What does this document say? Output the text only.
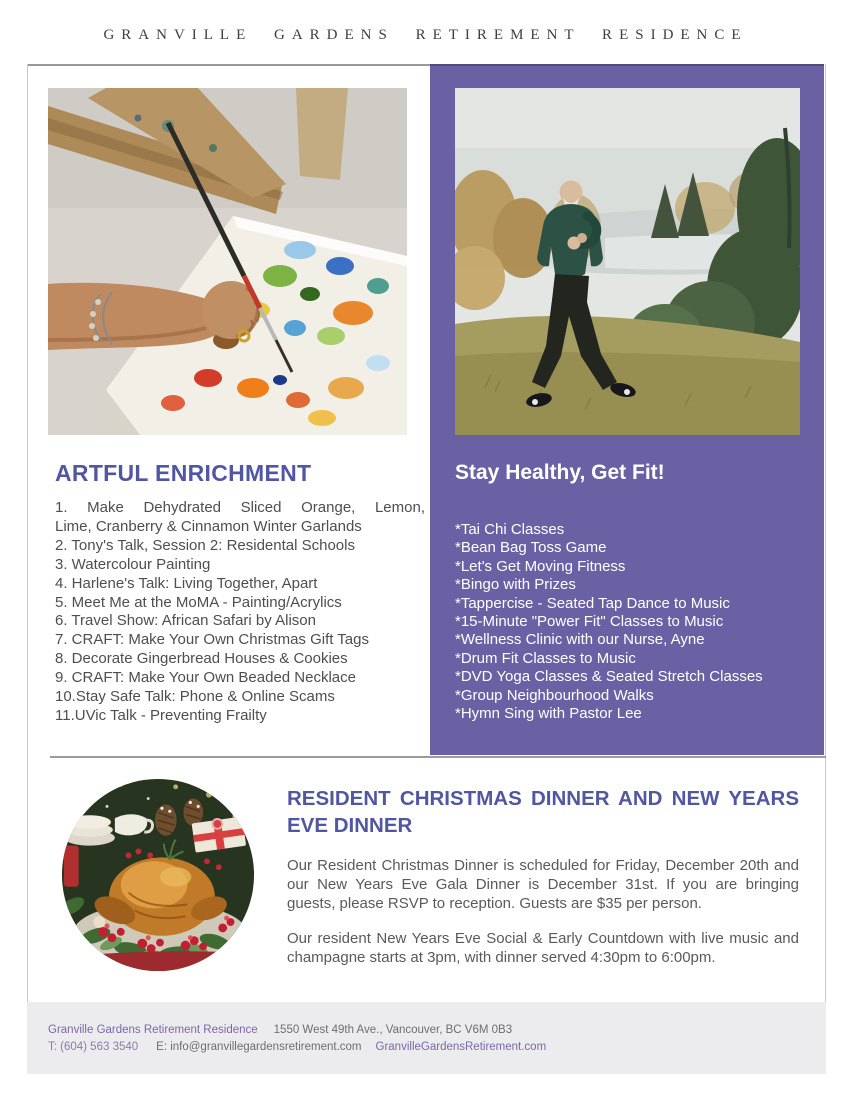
GRANVILLE GARDENS RETIREMENT RESIDENCE
ARTFUL ENRICHMENT
1. Make Dehydrated Sliced Orange, Lemon,
Lime, Cranberry & Cinnamon Winter Garlands
2. Tony's Talk, Session 2: Residental Schools
3. Watercolour Painting
4. Harlene's Talk: Living Together, Apart
5. Meet Me at the MoMA - Painting/Acrylics
6. Travel Show: African Safari by Alison
7. CRAFT: Make Your Own Christmas Gift Tags
8. Decorate Gingerbread Houses & Cookies
9. CRAFT: Make Your Own Beaded Necklace
10.Stay Safe Talk: Phone & Online Scams
11.UVic Talk - Preventing Frailty
Stay Healthy, Get Fit!
*Tai Chi Classes
*Bean Bag Toss Game
*Let's Get Moving Fitness
*Bingo with Prizes
*Tappercise - Seated Tap Dance to Music
*15-Minute "Power Fit" Classes to Music
*Wellness Clinic with our Nurse, Ayne
*Drum Fit Classes to Music
*DVD Yoga Classes & Seated Stretch Classes
*Group Neighbourhood Walks
*Hymn Sing with Pastor Lee
RESIDENT CHRISTMAS DINNER AND NEW YEARS
EVE DINNER
Our Resident Christmas Dinner is scheduled for Friday, December 20th and our New Years Eve Gala Dinner is December 31st. If you are bringing guests, please RSVP to reception. Guests are $35 per person.
Our resident New Years Eve Social & Early Countdown with live music and champagne starts at 3pm, with dinner served 4:30pm to 6:00pm.
Granville Gardens Retirement Residence 1550 West 49th Ave., Vancouver, BC V6M 0B3
T: (604) 563 3540 E: info@granvillegardensretirement.com GranvilleGardensRetirement.com
